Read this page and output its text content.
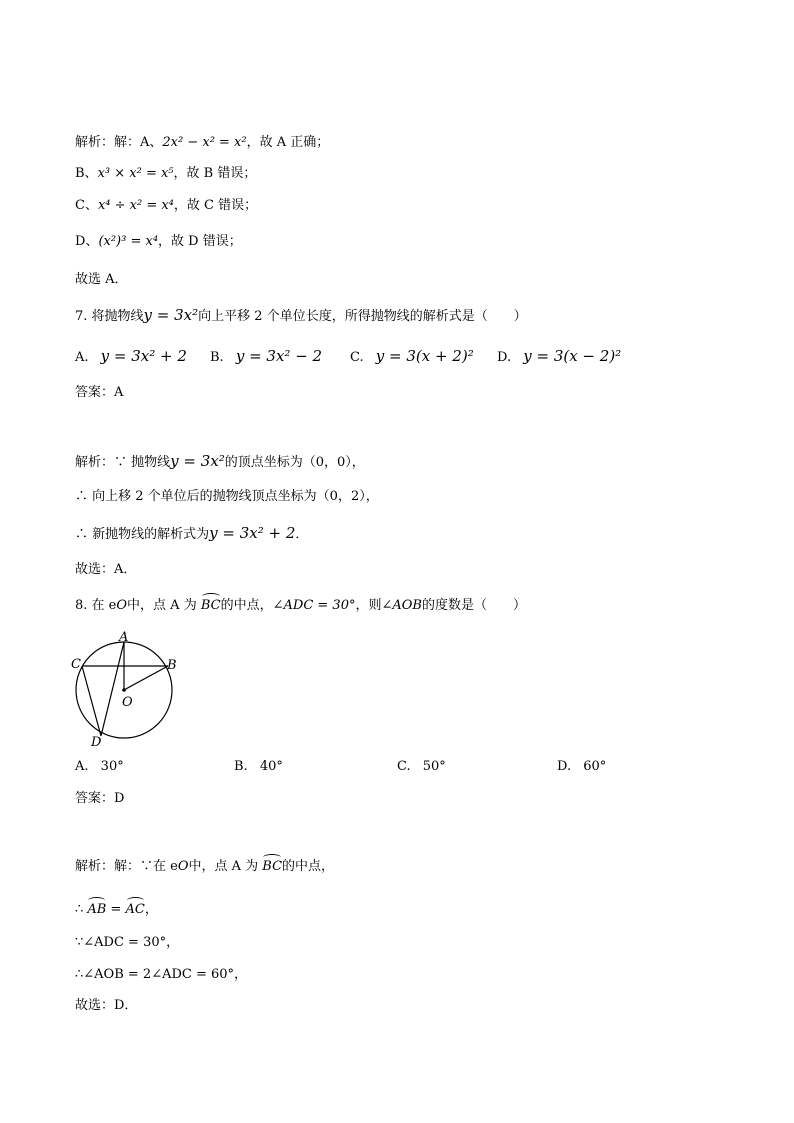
解析：解：A、2x² − x² = x²，故 A 正确；
B、x³ × x² = x⁵，故 B 错误；
C、x⁴ ÷ x² = x⁴，故 C 错误；
D、(x²)³ = x⁴，故 D 错误；
故选 A．
7. 将抛物线y = 3x²向上平移 2 个单位长度，所得抛物线的解析式是（　　）
A. y = 3x² + 2 B. y = 3x² − 2 C. y = 3(x + 2)² D. y = 3(x − 2)²
答案：A
解析：∵ 抛物线y = 3x²的顶点坐标为（0，0），
∴ 向上移 2 个单位后的抛物线顶点坐标为（0，2），
∴ 新抛物线的解析式为y = 3x² + 2．
故选：A．
8. 在 eO中，点 A 为 BC的中点，∠ADC = 30°，则∠AOB的度数是（　　）
A
B
C
D
O
A. 30°	B. 40°	C. 50°	D. 60°
答案：D
解析：解：∵在 eO中，点 A 为 BC的中点，
∴ AB = AC，
∵∠ADC = 30°，
∴∠AOB = 2∠ADC = 60°，
故选：D．
